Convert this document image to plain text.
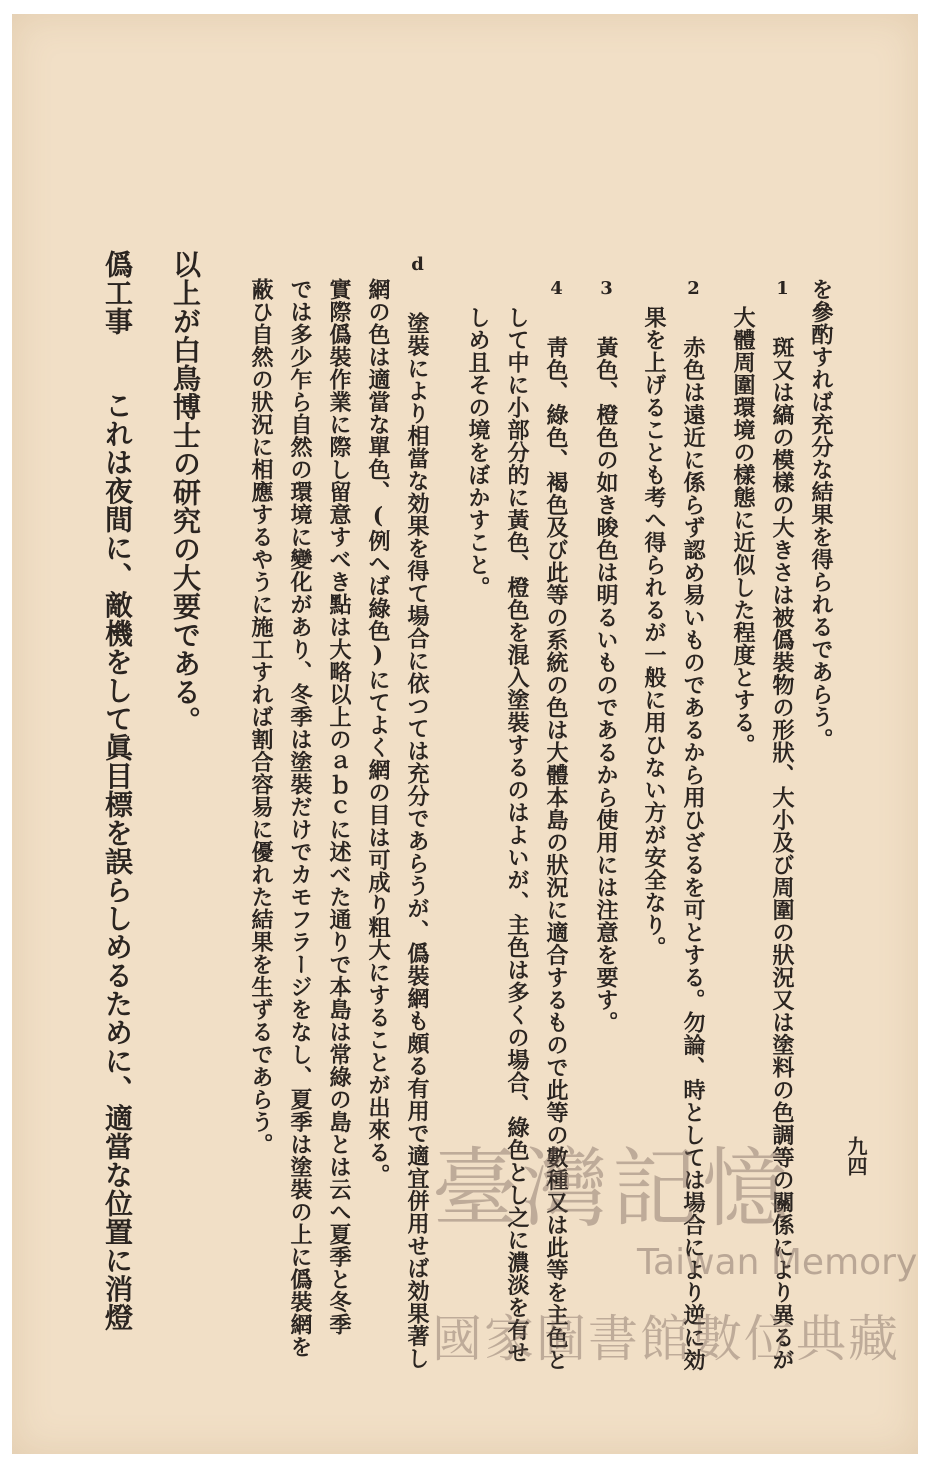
を參酌すれば充分な結果を得られるであらう。
1 斑又は縞の模樣の大きさは被僞裝物の形狀、大小及び周圍の狀況又は塗料の色調等の關係により異るが
大體周圍環境の樣態に近似した程度とする。
2 赤色は遠近に係らず認め易いものであるから用ひざるを可とする。勿論、時としては場合により逆に効
果を上げることも考へ得られるが一般に用ひない方が安全なり。
3 黃色、橙色の如き晙色は明るいものであるから使用には注意を要す。
4 靑色、綠色、褐色及び此等の系統の色は大體本島の狀況に適合するもので此等の數種又は此等を主色と
して中に小部分的に黃色、橙色を混入塗裝するのはよいが、主色は多くの場合、綠色とし之に濃淡を有せ
しめ且その境をぼかすこと。
d 塗裝により相當な効果を得て場合に依つては充分であらうが、僞裝網も頗る有用で適宜併用せば効果著し
網の色は適當な單色、(例へば綠色)にてよく網の目は可成り粗大にすることが出來る。
實際僞裝作業に際し留意すべき點は大略以上のａｂｃに述べた通りで本島は常綠の島とは云へ夏季と冬季
では多少乍ら自然の環境に變化があり、冬季は塗裝だけでカモフラージをなし、夏季は塗裝の上に僞裝網を
蔽ひ自然の狀況に相應するやうに施工すれば割合容易に優れた結果を生ずるであらう。
以上が白鳥博士の研究の大要である。
僞工事 これは夜間に、敵機をして眞目標を誤らしめるために、適當な位置に消燈	九四
臺灣記憶
Taiwan Memory
國家圖書館數位典藏
